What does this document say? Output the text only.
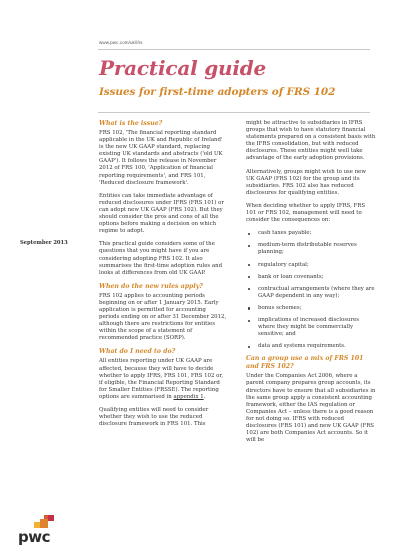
www.pwc.com/uk/ifrs
Practical guide
Issues for first-time adopters of FRS 102
September 2013
What is the issue?
FRS 102, 'The financial reporting standard applicable in the UK and Republic of Ireland' is the new UK GAAP standard, replacing existing UK standards and abstracts ('old UK GAAP'). It follows the release in November 2012 of FRS 100, 'Application of financial reporting requirements', and FRS 101, 'Reduced disclosure framework'.
Entities can take immediate advantage of reduced disclosures under IFRS (FRS 101) or can adopt new UK GAAP (FRS 102). But they should consider the pros and cons of all the options before making a decision on which regime to adopt.
This practical guide considers some of the questions that you might have if you are considering adopting FRS 102. It also summarises the first-time adoption rules and looks at differences from old UK GAAP.
When do the new rules apply?
FRS 102 applies to accounting periods beginning on or after 1 January 2015. Early application is permitted for accounting periods ending on or after 31 December 2012, although there are restrictions for entities within the scope of a statement of recommended practice (SORP).
What do I need to do?
All entities reporting under UK GAAP are affected, because they will have to decide whether to apply IFRS, FRS 101, FRS 102 or, if eligible, the Financial Reporting Standard for Smaller Entities (FRSSE). The reporting options are summarised in appendix 1.
Qualifying entities will need to consider whether they wish to use the reduced disclosure framework in FRS 101. This
might be attractive to subsidiaries in IFRS groups that wish to have statutory financial statements prepared on a consistent basis with the IFRS consolidation, but with reduced disclosures. These entities might well take advantage of the early adoption provisions.
Alternatively, groups might wish to use new UK GAAP (FRS 102) for the group and its subsidiaries. FRS 102 also has reduced disclosures for qualifying entities.
When deciding whether to apply IFRS, FRS 101 or FRS 102, management will need to consider the consequences on:
cash taxes payable;
medium-term distributable reserves planning;
regulatory capital;
bank or loan covenants;
contractual arrangements (where they are GAAP dependent in any way);
bonus schemes;
implications of increased disclosures where they might be commercially sensitive; and
data and systems requirements.
Can a group use a mix of FRS 101 and FRS 102?
Under the Companies Act 2006, where a parent company prepares group accounts, its directors have to ensure that all subsidiaries in the same group apply a consistent accounting framework, either the IAS regulation or Companies Act – unless there is a good reason for not doing so. IFRS with reduced disclosures (FRS 101) and new UK GAAP (FRS 102) are both Companies Act accounts. So it will be
pwc
